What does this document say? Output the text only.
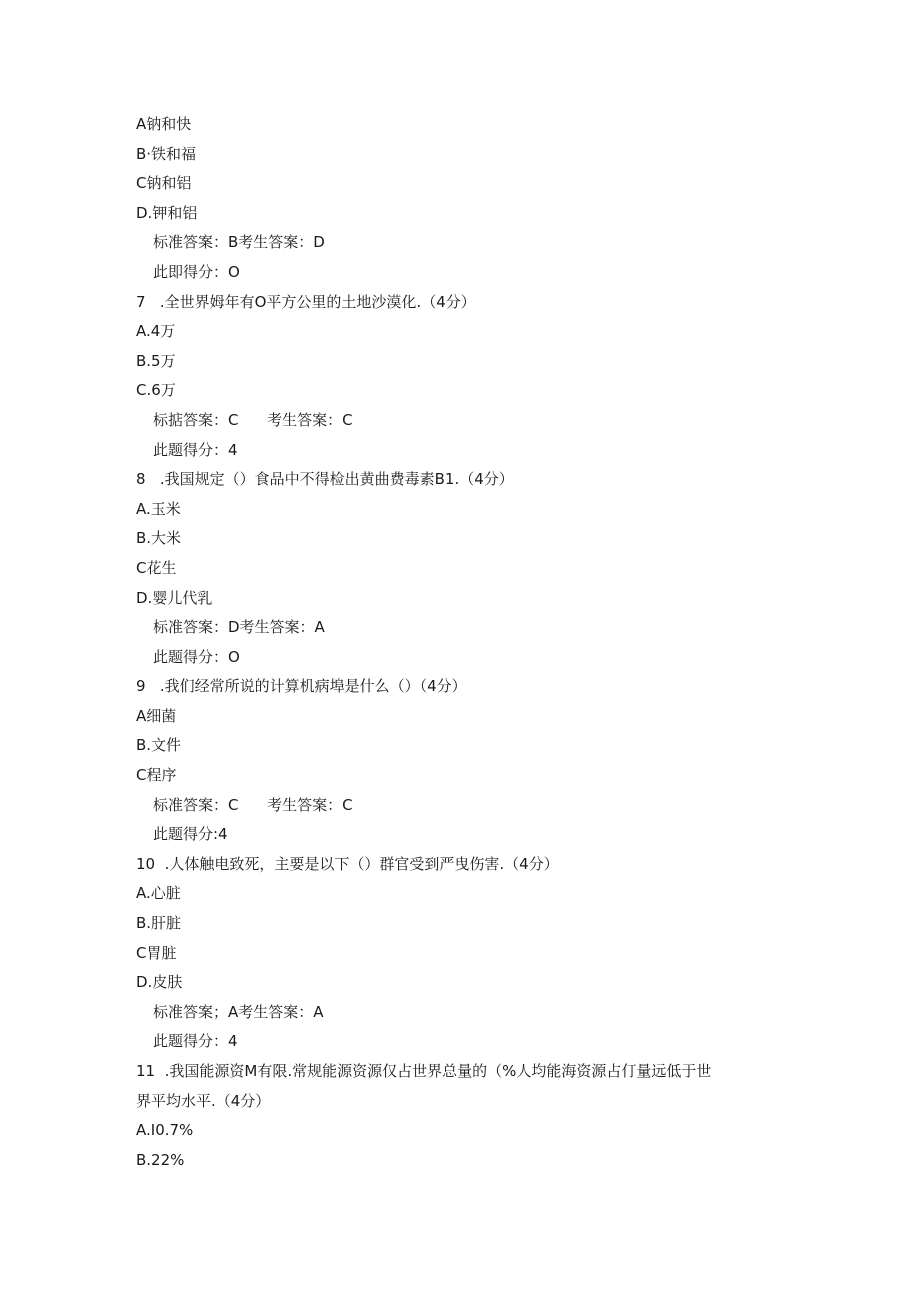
A钠和快
B·铁和福
C钠和铝
D.钾和铝
标准答案：B考生答案：D
此即得分：O
7   .全世界姆年有O平方公里的土地沙漠化.（4分）
A.4万
B.5万
C.6万
标掂答案：C      考生答案：C
此题得分：4
8   .我国规定（）食品中不得检出黄曲费毒素B1.（4分）
A.玉米
B.大米
C花生
D.婴儿代乳
标准答案：D考生答案：A
此题得分：O
9   .我们经常所说的计算机病埠是什么（）（4分）
A细菌
B.文件
C程序
标准答案：C      考生答案：C
此题得分:4
10  .人体触电致死，主要是以下（）群官受到严曳伤害.（4分）
A.心脏
B.肝脏
C胃脏
D.皮肤
标准答案；A考生答案：A
此题得分：4
11  .我国能源资M有限.常规能源资源仅占世界总量的（%人均能海资源占仃量远低于世
界平均水平.（4分）
A.I0.7%
B.22%
